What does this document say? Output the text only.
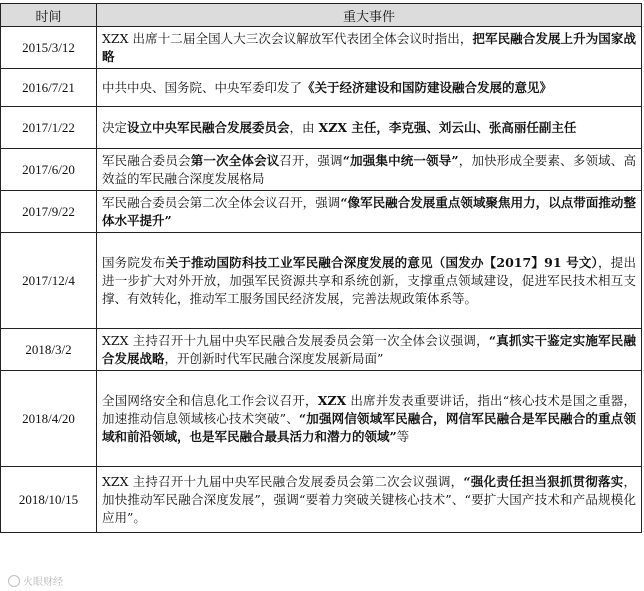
时间	重大事件
2015/3/12	XZX 出席十二届全国人大三次会议解放军代表团全体会议时指出，把军民融合发展上升为国家战略
2016/7/21	中共中央、国务院、中央军委印发了《关于经济建设和国防建设融合发展的意见》
2017/1/22	决定设立中央军民融合发展委员会，由 XZX 主任，李克强、刘云山、张高丽任副主任
2017/6/20	军民融合委员会第一次全体会议召开，强调“加强集中统一领导”，加快形成全要素、多领域、高效益的军民融合深度发展格局
2017/9/22	军民融合委员会第二次全体会议召开，强调“像军民融合发展重点领域聚焦用力，以点带面推动整体水平提升”
2017/12/4	国务院发布关于推动国防科技工业军民融合深度发展的意见（国发办【2017】91 号文），提出进一步扩大对外开放，加强军民资源共享和系统创新，支撑重点领域建设，促进军民技术相互支撑、有效转化，推动军工服务国民经济发展，完善法规政策体系等。
2018/3/2	XZX 主持召开十九届中央军民融合发展委员会第一次全体会议强调，“真抓实干鉴定实施军民融合发展战略，开创新时代军民融合深度发展新局面”
2018/4/20	全国网络安全和信息化工作会议召开，XZX 出席并发表重要讲话，指出“核心技术是国之重器，加速推动信息领域核心技术突破”、“加强网信领域军民融合，网信军民融合是军民融合的重点领域和前沿领域，也是军民融合最具活力和潜力的领域”等
2018/10/15	XZX 主持召开十九届中央军民融合发展委员会第二次会议强调，“强化责任担当狠抓贯彻落实，加快推动军民融合深度发展”，强调“要着力突破关键核心技术”、“要扩大国产技术和产品规模化应用”。
火眼财经
